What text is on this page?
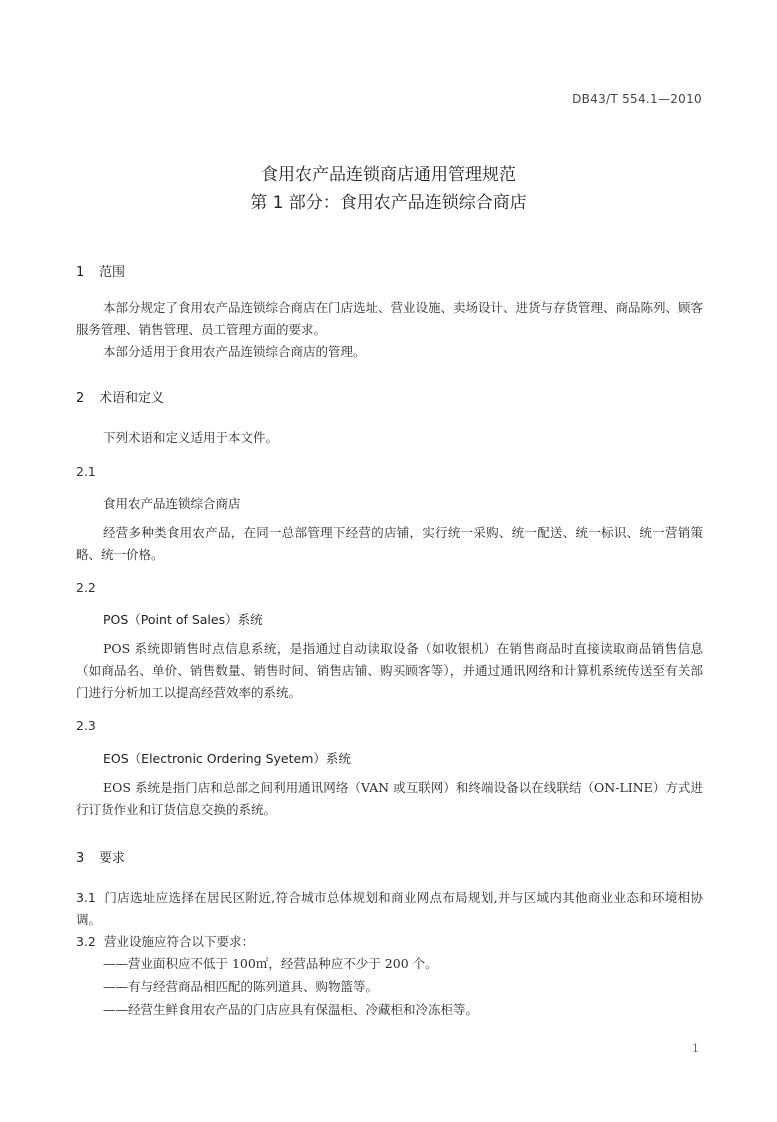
DB43/T 554.1—2010
食用农产品连锁商店通用管理规范
第 1 部分：食用农产品连锁综合商店
1 范围
本部分规定了食用农产品连锁综合商店在门店选址、营业设施、卖场设计、进货与存货管理、商品陈列、顾客服务管理、销售管理、员工管理方面的要求。
本部分适用于食用农产品连锁综合商店的管理。
2 术语和定义
下列术语和定义适用于本文件。
2.1
食用农产品连锁综合商店
经营多种类食用农产品，在同一总部管理下经营的店铺，实行统一采购、统一配送、统一标识、统一营销策略、统一价格。
2.2
POS（Point of Sales）系统
POS 系统即销售时点信息系统，是指通过自动读取设备（如收银机）在销售商品时直接读取商品销售信息（如商品名、单价、销售数量、销售时间、销售店铺、购买顾客等），并通过通讯网络和计算机系统传送至有关部门进行分析加工以提高经营效率的系统。
2.3
EOS（Electronic Ordering Syetem）系统
EOS 系统是指门店和总部之间利用通讯网络（VAN 或互联网）和终端设备以在线联结（ON-LINE）方式进行订货作业和订货信息交换的系统。
3 要求
3.1 门店选址应选择在居民区附近,符合城市总体规划和商业网点布局规划,并与区域内其他商业业态和环境相协调。
3.2 营业设施应符合以下要求：
——营业面积应不低于 100㎡，经营品种应不少于 200 个。
——有与经营商品相匹配的陈列道具、购物篮等。
——经营生鲜食用农产品的门店应具有保温柜、冷藏柜和冷冻柜等。
1
